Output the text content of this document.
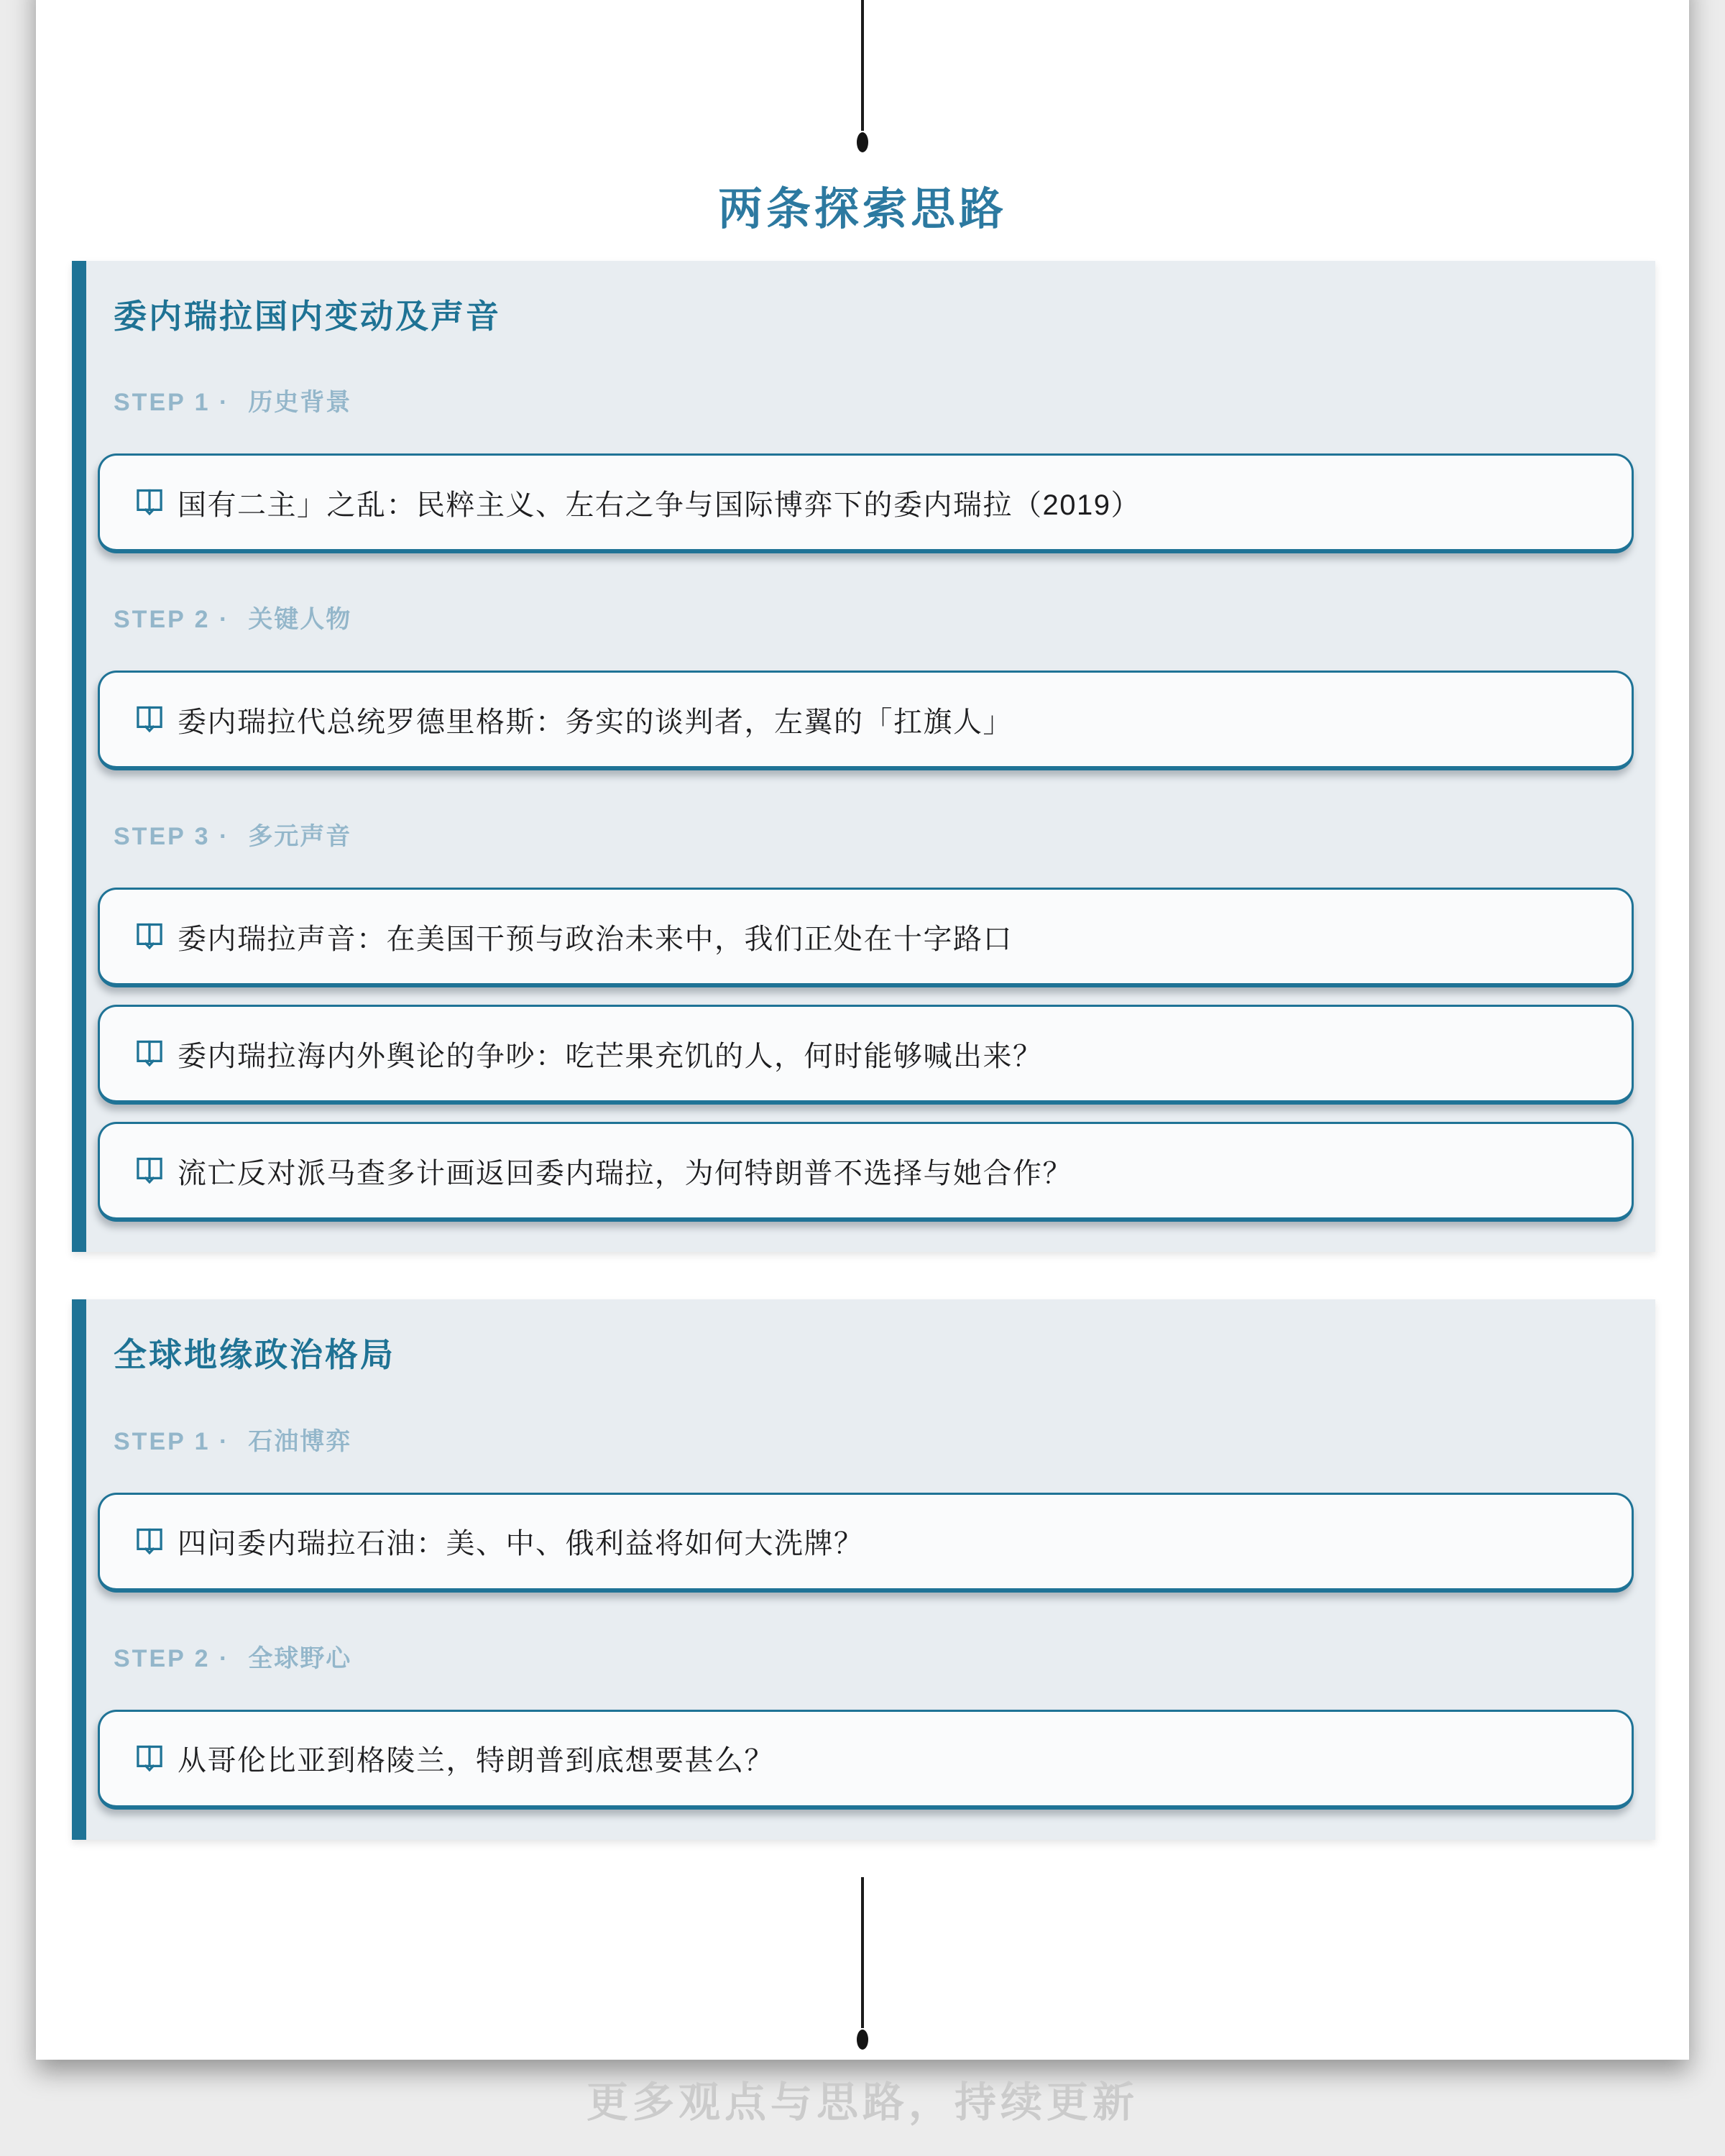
两条探索思路
委内瑞拉国内变动及声音
STEP 1 · 历史背景
国有二主」之乱：民粹主义、左右之争与国际博弈下的委内瑞拉（2019）
STEP 2 · 关键人物
委内瑞拉代总统罗德里格斯：务实的谈判者，左翼的「扛旗人」
STEP 3 · 多元声音
委内瑞拉声音：在美国干预与政治未来中，我们正处在十字路口
委内瑞拉海内外舆论的争吵：吃芒果充饥的人，何时能够喊出来？
流亡反对派马查多计画返回委内瑞拉，为何特朗普不选择与她合作？
全球地缘政治格局
STEP 1 · 石油博弈
四问委内瑞拉石油：美、中、俄利益将如何大洗牌？
STEP 2 · 全球野心
从哥伦比亚到格陵兰，特朗普到底想要甚么？
更多观点与思路，持续更新
